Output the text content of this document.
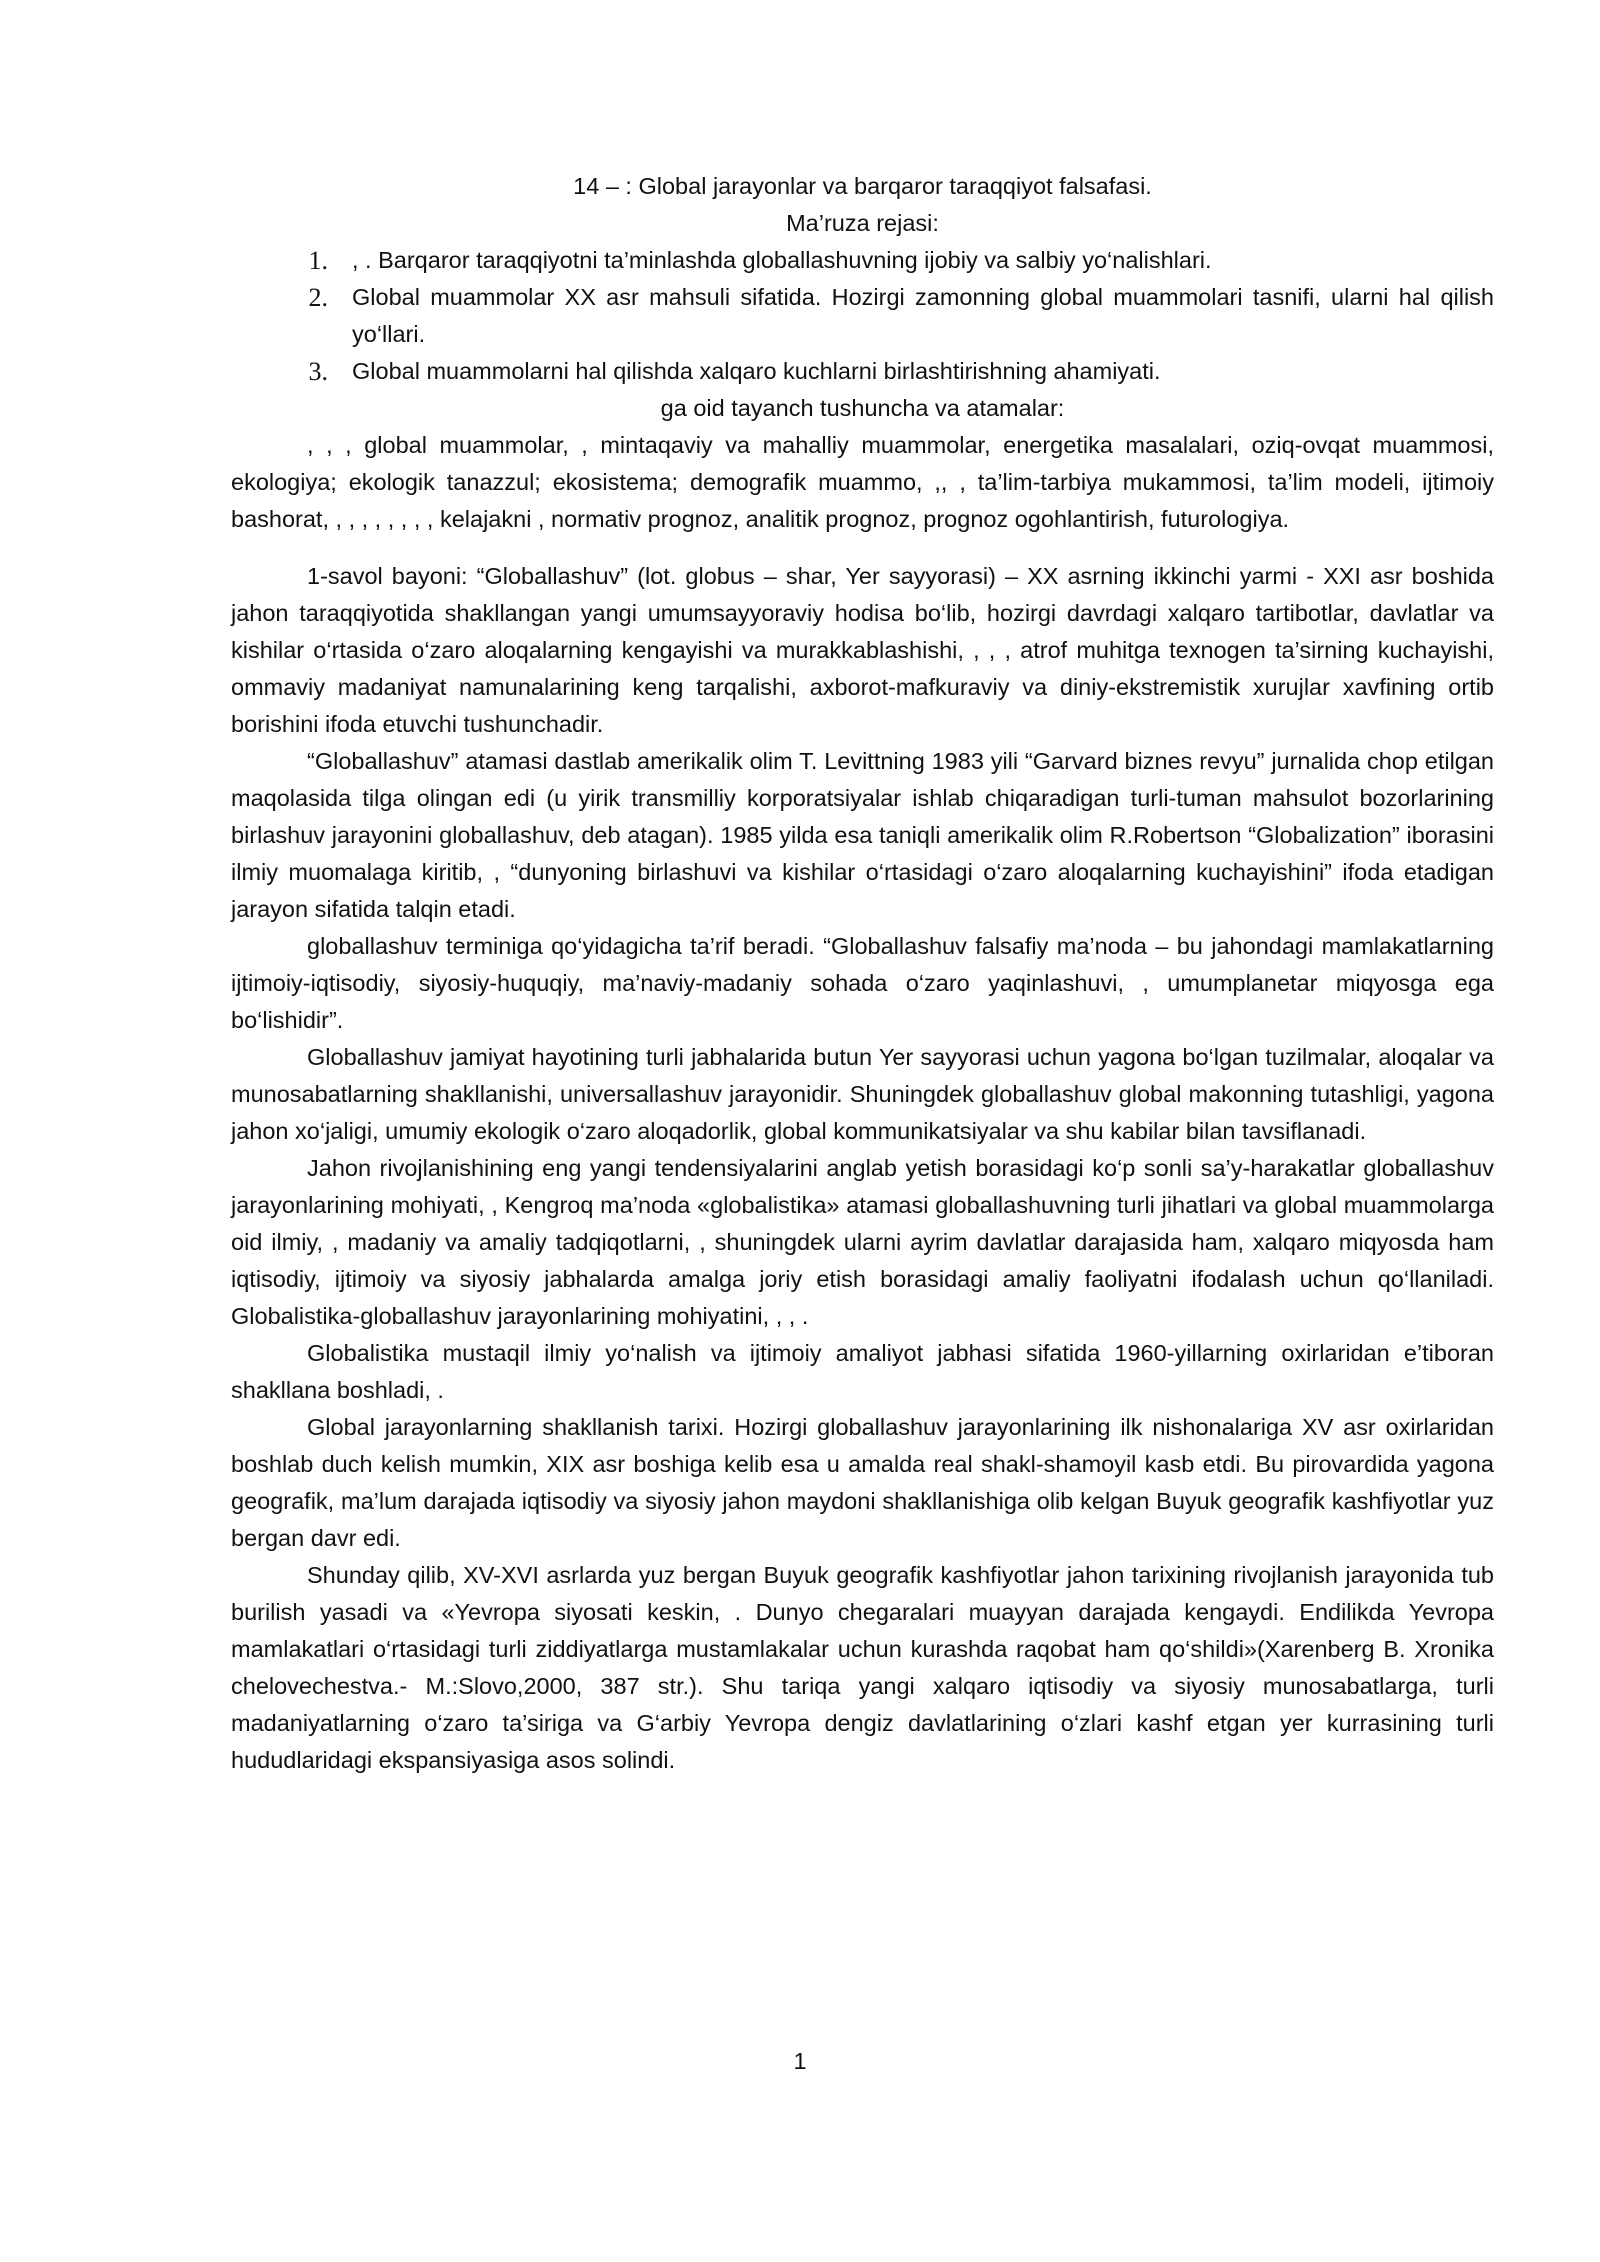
14 – : Global jarayonlar va barqaror taraqqiyot falsafasi.
Ma’ruza rejasi:
1.	, . Barqaror taraqqiyotni ta’minlashda globallashuvning ijobiy va salbiy yo‘nalishlari.
2.	Global muammolar XX asr mahsuli sifatida. Hozirgi zamonning global muammolari tasnifi, ularni hal qilish yo‘llari.
3.	Global muammolarni hal qilishda xalqaro kuchlarni birlashtirishning ahamiyati.
ga oid tayanch tushuncha va atamalar:

, , , global muammolar, , mintaqaviy va mahalliy muammolar, energetika masalalari, oziq-ovqat muammosi, ekologiya; ekologik tanazzul; ekosistema; demografik muammo, ,, , ta’lim-tarbiya mukammosi, ta’lim modeli, ijtimoiy bashorat, , , , , , , , , kelajakni , normativ prognoz, analitik prognoz, prognoz ogohlantirish, futurologiya.

1-savol bayoni: “Globallashuv” (lot. globus – shar, Yer sayyorasi) – XX asrning ikkinchi yarmi - XXI asr boshida jahon taraqqiyotida shakllangan yangi umumsayyoraviy hodisa bo‘lib, hozirgi davrdagi xalqaro tartibotlar, davlatlar va kishilar o‘rtasida o‘zaro aloqalarning kengayishi va murakkablashishi, , , , atrof muhitga texnogen ta’sirning kuchayishi, ommaviy madaniyat namunalarining keng tarqalishi, axborot-mafkuraviy va diniy-ekstremistik xurujlar xavfining ortib borishini ifoda etuvchi tushunchadir.

“Globallashuv” atamasi dastlab amerikalik olim T. Levittning 1983 yili “Garvard biznes revyu” jurnalida chop etilgan maqolasida tilga olingan edi (u yirik transmilliy korporatsiyalar ishlab chiqaradigan turli-tuman mahsulot bozorlarining birlashuv jarayonini globallashuv, deb atagan). 1985 yilda esa taniqli amerikalik olim R.Robertson “Globalization” iborasini ilmiy muomalaga kiritib, , “dunyoning birlashuvi va kishilar o‘rtasidagi o‘zaro aloqalarning kuchayishini” ifoda etadigan jarayon sifatida talqin etadi.

globallashuv terminiga qo‘yidagicha ta’rif beradi. “Globallashuv falsafiy ma’noda – bu jahondagi mamlakatlarning ijtimoiy-iqtisodiy, siyosiy-huquqiy, ma’naviy-madaniy sohada o‘zaro yaqinlashuvi, , umumplanetar miqyosga ega bo‘lishidir”.

Globallashuv jamiyat hayotining turli jabhalarida butun Yer sayyorasi uchun yagona bo‘lgan tuzilmalar, aloqalar va munosabatlarning shakllanishi, universallashuv jarayonidir. Shuningdek globallashuv global makonning tutashligi, yagona jahon xo‘jaligi, umumiy ekologik o‘zaro aloqadorlik, global kommunikatsiyalar va shu kabilar bilan tavsiflanadi.

Jahon rivojlanishining eng yangi tendensiyalarini anglab yetish borasidagi ko‘p sonli sa’y-harakatlar globallashuv jarayonlarining mohiyati, , Kengroq ma’noda «globalistika» atamasi globallashuvning turli jihatlari va global muammolarga oid ilmiy, , madaniy va amaliy tadqiqotlarni, , shuningdek ularni ayrim davlatlar darajasida ham, xalqaro miqyosda ham iqtisodiy, ijtimoiy va siyosiy jabhalarda amalga joriy etish borasidagi amaliy faoliyatni ifodalash uchun qo‘llaniladi. Globalistika-globallashuv jarayonlarining mohiyatini, , , .

Globalistika mustaqil ilmiy yo‘nalish va ijtimoiy amaliyot jabhasi sifatida 1960-yillarning oxirlaridan e’tiboran shakllana boshladi, .

Global jarayonlarning shakllanish tarixi. Hozirgi globallashuv jarayonlarining ilk nishonalariga XV asr oxirlaridan boshlab duch kelish mumkin, XIX asr boshiga kelib esa u amalda real shakl-shamoyil kasb etdi. Bu pirovardida yagona geografik, ma’lum darajada iqtisodiy va siyosiy jahon maydoni shakllanishiga olib kelgan Buyuk geografik kashfiyotlar yuz bergan davr edi.

Shunday qilib, XV-XVI asrlarda yuz bergan Buyuk geografik kashfiyotlar jahon tarixining rivojlanish jarayonida tub burilish yasadi va «Yevropa siyosati keskin, . Dunyo chegaralari muayyan darajada kengaydi. Endilikda Yevropa mamlakatlari o‘rtasidagi turli ziddiyatlarga mustamlakalar uchun kurashda raqobat ham qo‘shildi»(Xarenberg B. Xronika chelovechestva.- M.:Slovo,2000, 387 str.). Shu tariqa yangi xalqaro iqtisodiy va siyosiy munosabatlarga, turli madaniyatlarning o‘zaro ta’siriga va G‘arbiy Yevropa dengiz davlatlarining o‘zlari kashf etgan yer kurrasining turli hududlaridagi ekspansiyasiga asos solindi.

1
